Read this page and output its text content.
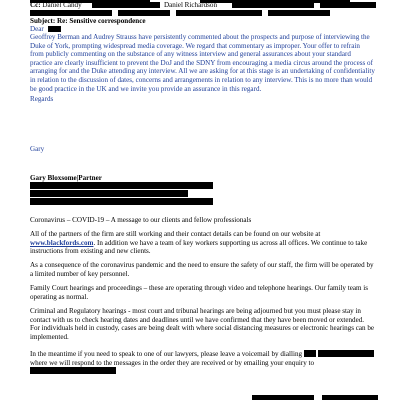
Cc: Daniel Candy	Daniel Richardson
Subject: Re: Sensitive correspondence
Dear
Geoffrey Berman and Audrey Strauss have persistently commented about the prospects and purpose of interviewing the Duke of York, prompting widespread media coverage. We regard that commentary as improper. Your offer to refrain from publicly commenting on the substance of any witness interview and general assurances about your standard practice are clearly insufficient to prevent the DoJ and the SDNY from encouraging a media circus around the process of arranging for and the Duke attending any interview. All we are asking for at this stage is an undertaking of confidentiality in relation to the discussion of dates, concerns and arrangements in relation to any interview. This is no more than would be good practice in the UK and we invite you provide an assurance in this regard.
Regards
Gary
Gary Bloxsome|Partner
Coronavirus – COVID-19 – A message to our clients and fellow professionals
All of the partners of the firm are still working and their contact details can be found on our website at www.blackfords.com. In addition we have a team of key workers supporting us across all offices. We continue to take instructions from existing and new clients.
As a consequence of the coronavirus pandemic and the need to ensure the safety of our staff, the firm will be operated by a limited number of key personnel.
Family Court hearings and proceedings – these are operating through video and telephone hearings. Our family team is operating as normal.
Criminal and Regulatory hearings - most court and tribunal hearings are being adjourned but you must please stay in contact with us to check hearing dates and deadlines until we have confirmed that they have been moved or extended. For individuals held in custody, cases are being dealt with where social distancing measures or electronic hearings can be implemented.
In the meantime if you need to speak to one of our lawyers, please leave a voicemail by dialling   where we will respond to the messages in the order they are received or by emailing your enquiry to
